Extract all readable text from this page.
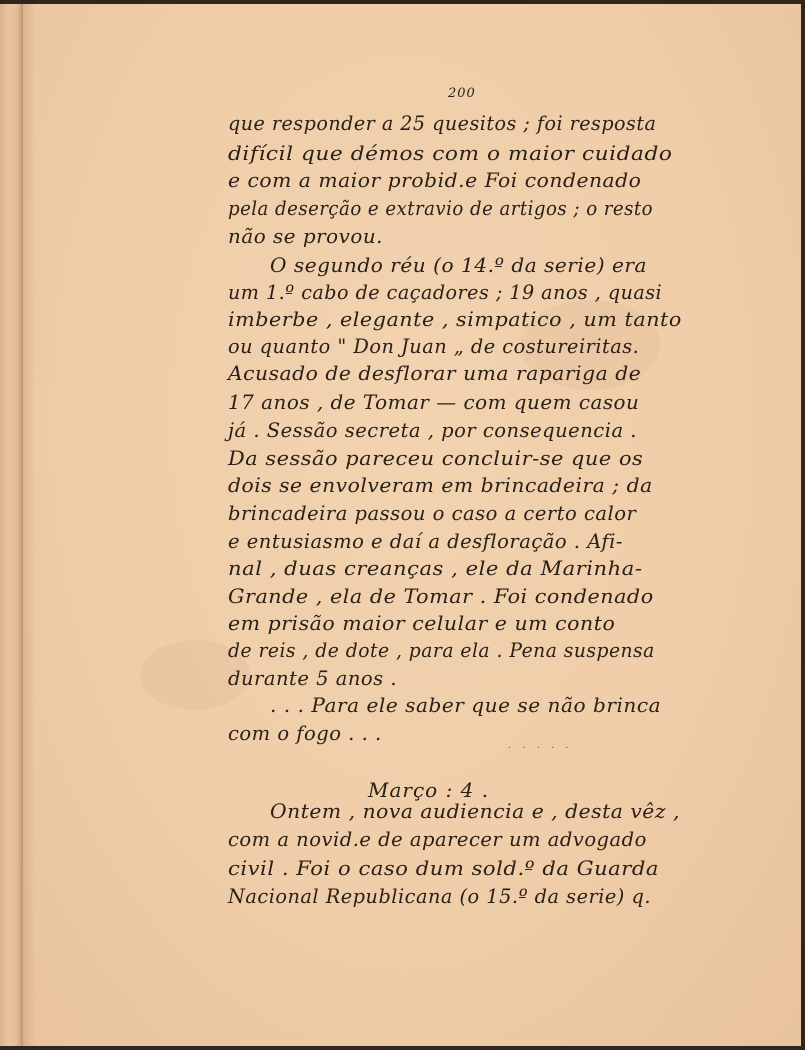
200
que responder a 25 quesitos ; foi resposta
difícil que démos com o maior cuidado
e com a maior probid.e Foi condenado
pela deserção e extravio de artigos ; o resto
não se provou.
O segundo réu (o 14.º da serie) era
um 1.º cabo de caçadores ; 19 anos , quasi
imberbe , elegante , simpatico , um tanto
ou quanto " Don Juan „ de costureiritas.
Acusado de desflorar uma rapariga de
17 anos , de Tomar — com quem casou
já . Sessão secreta , por consequencia .
Da sessão pareceu concluir-se que os
dois se envolveram em brincadeira ; da
brincadeira passou o caso a certo calor
e entusiasmo e daí a desfloração . Afi-
nal , duas creanças , ele da Marinha-
Grande , ela de Tomar . Foi condenado
em prisão maior celular e um conto
de reis , de dote , para ela . Pena suspensa
durante 5 anos .
. . . Para ele saber que se não brinca
com o fogo . . .
. . . . .
Março : 4 .
Ontem , nova audiencia e , desta vêz ,
com a novid.e de aparecer um advogado
civil . Foi o caso dum sold.º da Guarda
Nacional Republicana (o 15.º da serie) q.
